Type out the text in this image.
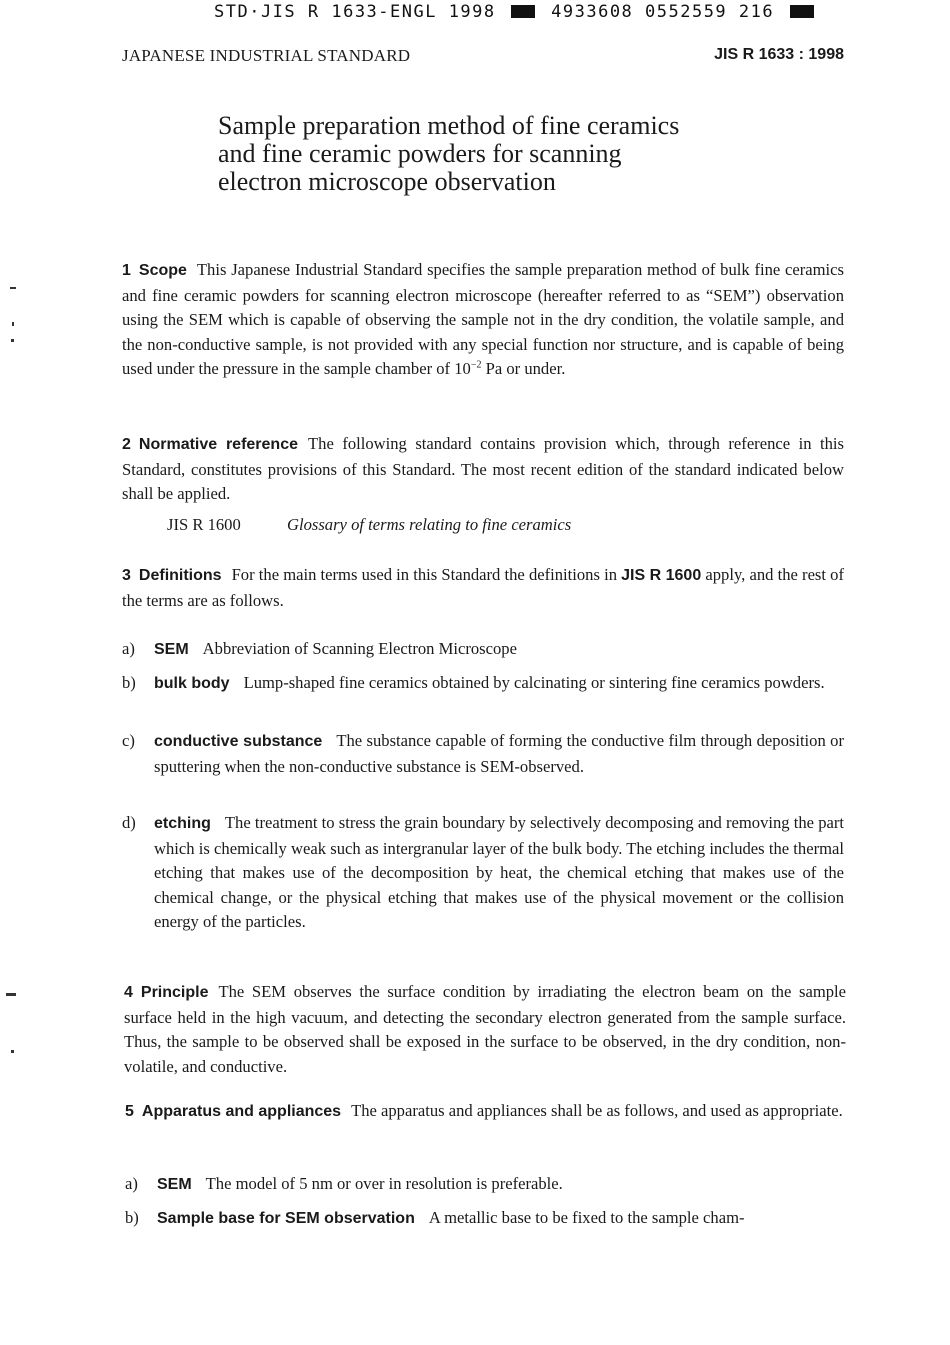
STD·JIS R 1633-ENGL 1998	4933608 0552559 216
JAPANESE INDUSTRIAL STANDARD	JIS R 1633 : 1998
Sample preparation method of fine ceramics
and fine ceramic powders for scanning
electron microscope observation
1 Scope This Japanese Industrial Standard specifies the sample preparation method of bulk fine ceramics and fine ceramic powders for scanning electron microscope (hereafter referred to as “SEM”) observation using the SEM which is capable of observing the sample not in the dry condition, the volatile sample, and the non-conductive sample, is not provided with any special function nor structure, and is capable of being used under the pressure in the sample chamber of $10^{-2}$ Pa or under.
2 Normative reference The following standard contains provision which, through reference in this Standard, constitutes provisions of this Standard. The most recent edition of the standard indicated below shall be applied.
JIS R 1600	Glossary of terms relating to fine ceramics
3 Definitions For the main terms used in this Standard the definitions in JIS R 1600 apply, and the rest of the terms are as follows.
a) SEM Abbreviation of Scanning Electron Microscope
b) bulk body Lump-shaped fine ceramics obtained by calcinating or sintering fine ceramics powders.
c) conductive substance The substance capable of forming the conductive film through deposition or sputtering when the non-conductive substance is SEM-observed.
d) etching The treatment to stress the grain boundary by selectively decomposing and removing the part which is chemically weak such as intergranular layer of the bulk body. The etching includes the thermal etching that makes use of the decomposition by heat, the chemical etching that makes use of the chemical change, or the physical etching that makes use of the physical movement or the collision energy of the particles.
4 Principle The SEM observes the surface condition by irradiating the electron beam on the sample surface held in the high vacuum, and detecting the secondary electron generated from the sample surface. Thus, the sample to be observed shall be exposed in the surface to be observed, in the dry condition, non-volatile, and conductive.
5 Apparatus and appliances The apparatus and appliances shall be as follows, and used as appropriate.
a) SEM The model of 5 nm or over in resolution is preferable.
b) Sample base for SEM observation A metallic base to be fixed to the sample cham-
